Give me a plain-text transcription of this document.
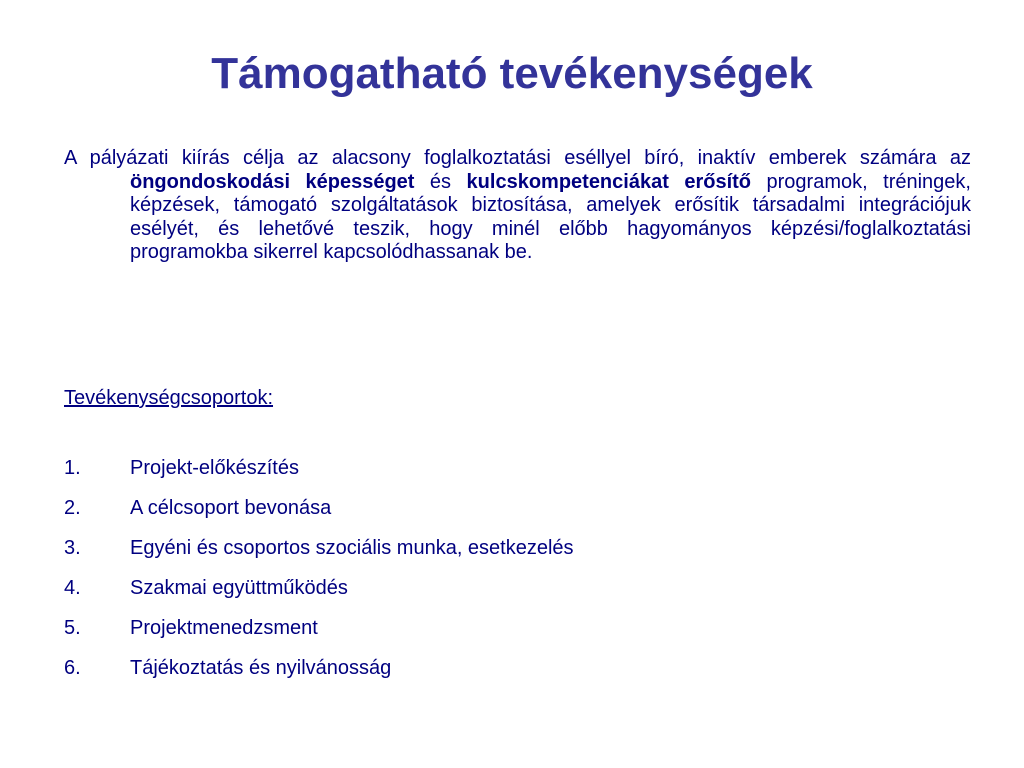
Támogatható tevékenységek

A pályázati kiírás célja az alacsony foglalkoztatási eséllyel bíró, inaktív emberek számára az öngondoskodási képességet és kulcskompetenciákat erősítő programok, tréningek, képzések, támogató szolgáltatások biztosítása, amelyek erősítik társadalmi integrációjuk esélyét, és lehetővé teszik, hogy minél előbb hagyományos képzési/foglalkoztatási programokba sikerrel kapcsolódhassanak be.

Tevékenységcsoportok:

1.	Projekt-előkészítés
2.	A célcsoport bevonása
3.	Egyéni és csoportos szociális munka, esetkezelés
4.	Szakmai együttműködés
5.	Projektmenedzsment
6.	Tájékoztatás és nyilvánosság
